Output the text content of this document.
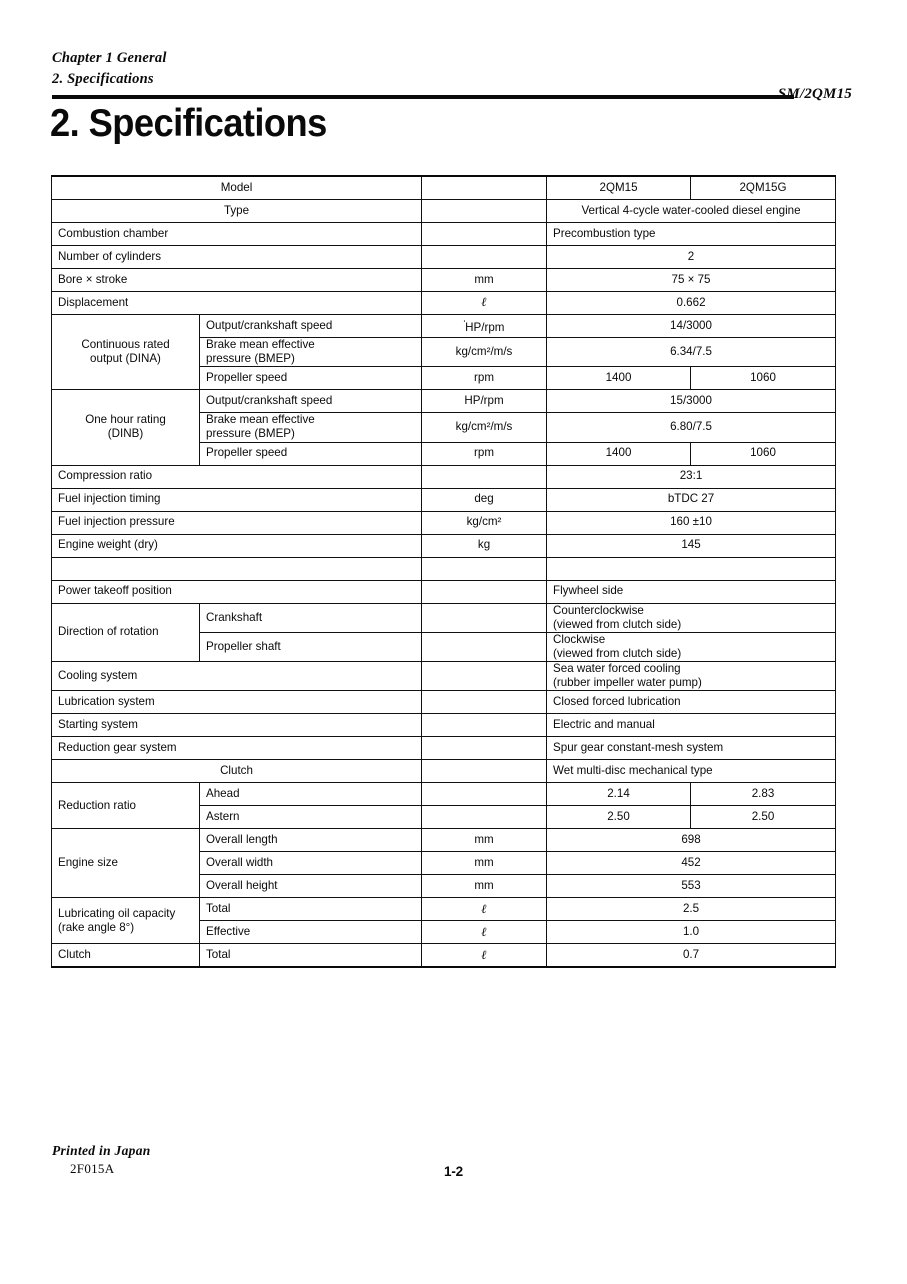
Chapter 1 General
2. Specifications
SM/2QM15
2. Specifications
Model			2QM15	2QM15G
Type			Vertical 4-cycle water-cooled diesel engine	
Combustion chamber			Precombustion type	
Number of cylinders			2	
Bore × stroke		mm	75 × 75	
Displacement		ℓ	0.662	

Continuous rated
output (DINA)	Output/crankshaft speed	$^ʹ$HP/rpm	14/3000	

	Brake mean effective
pressure (BMEP)	kg/cm²/m/s	6.34/7.5	
	Propeller speed	rpm	1400	1060

One hour rating
(DINB)	Output/crankshaft speed	HP/rpm	15/3000	

	Brake mean effective
pressure (BMEP)	kg/cm²/m/s	6.80/7.5	
	Propeller speed	rpm	1400	1060
Compression ratio			23:1	
Fuel injection timing		deg	bTDC 27	
Fuel injection pressure		kg/cm²	160 ±10	
Engine weight (dry)		kg	145	

Power takeoff position			Flywheel side	
Direction of rotation	Crankshaft		Counterclockwise
(viewed from clutch side)	

	Propeller shaft		Clockwise
(viewed from clutch side)	

Cooling system			Sea water forced cooling
(rubber impeller water pump)	

Lubrication system			Closed forced lubrication	
Starting system			Electric and manual	
Reduction gear system			Spur gear constant-mesh system	
Clutch			Wet multi-disc mechanical type	
Reduction ratio	Ahead		2.14	2.83
	Astern		2.50	2.50
Engine size	Overall length	mm	698	
	Overall width	mm	452	
	Overall height	mm	553	

Lubricating oil capacity
(rake angle 8°)	Total	ℓ	2.5	
	Effective	ℓ	1.0	
Clutch	Total	ℓ	0.7	
Printed in Japan
2F015A	1-2
